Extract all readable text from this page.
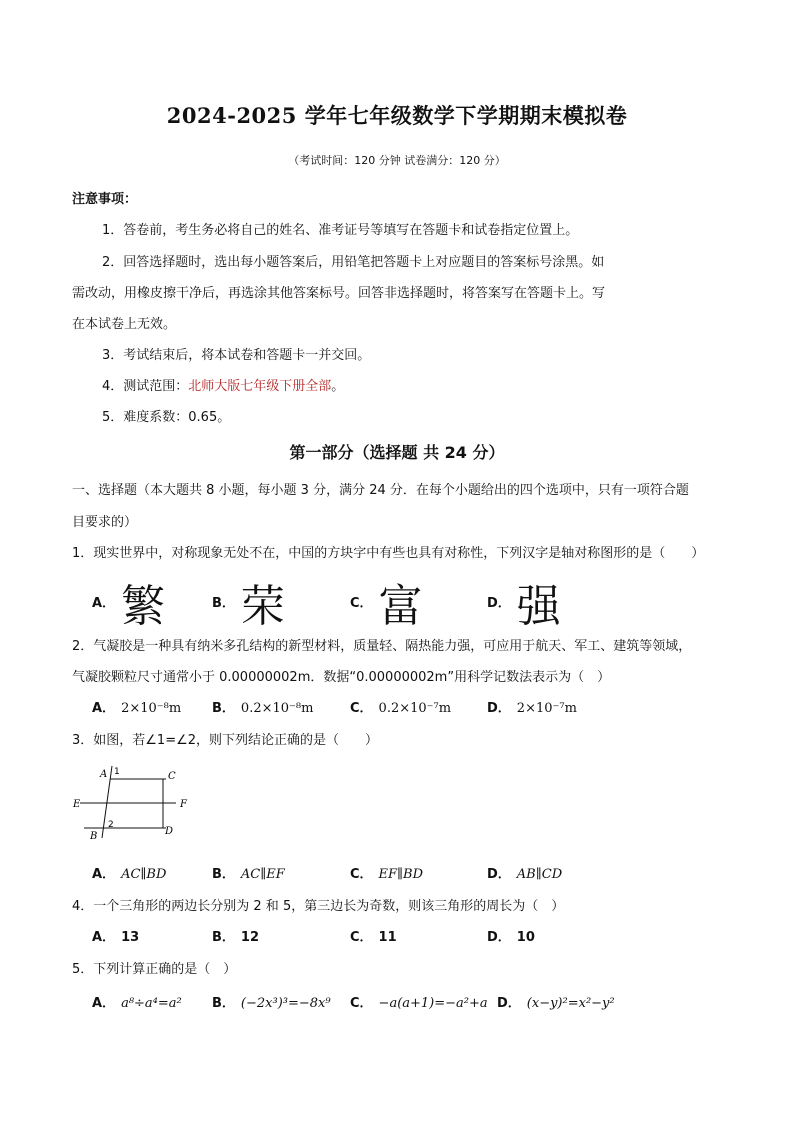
2024-2025 学年七年级数学下学期期末模拟卷
（考试时间：120 分钟 试卷满分：120 分）
注意事项：
1．答卷前，考生务必将自己的姓名、准考证号等填写在答题卡和试卷指定位置上。
2．回答选择题时，选出每小题答案后，用铅笔把答题卡上对应题目的答案标号涂黑。如
需改动，用橡皮擦干净后，再选涂其他答案标号。回答非选择题时，将答案写在答题卡上。写
在本试卷上无效。
3．考试结束后，将本试卷和答题卡一并交回。
4．测试范围：北师大版七年级下册全部。
5．难度系数：0.65。
第一部分（选择题 共 24 分）
一、选择题（本大题共 8 小题，每小题 3 分，满分 24 分．在每个小题给出的四个选项中，只有一项符合题
目要求的）
1．现实世界中，对称现象无处不在，中国的方块字中有些也具有对称性，下列汉字是轴对称图形的是（　　）
A． 繁	B． 荣	C． 富	D． 强
2．气凝胶是一种具有纳米多孔结构的新型材料，质量轻、隔热能力强，可应用于航天、军工、建筑等领域，
气凝胶颗粒尺寸通常小于 0.00000002m．数据“0.00000002m”用科学记数法表示为（　）
A． 2×10⁻⁸m B． 0.2×10⁻⁸m	C． 0.2×10⁻⁷m	D． 2×10⁻⁷m
3．如图，若∠1=∠2，则下列结论正确的是（　　）
A 1	C
E	F
2
B	D
A． AC∥BD	B． AC∥EF	C． EF∥BD	D． AB∥CD
4．一个三角形的两边长分别为 2 和 5，第三边长为奇数，则该三角形的周长为（　）
A． 13	B． 12	C． 11	D． 10
5．下列计算正确的是（　）
A． a⁸÷a⁴=a² B． (−2x³)³=−8x⁹ C． −a(a+1)=−a²+a D． (x−y)²=x²−y²
